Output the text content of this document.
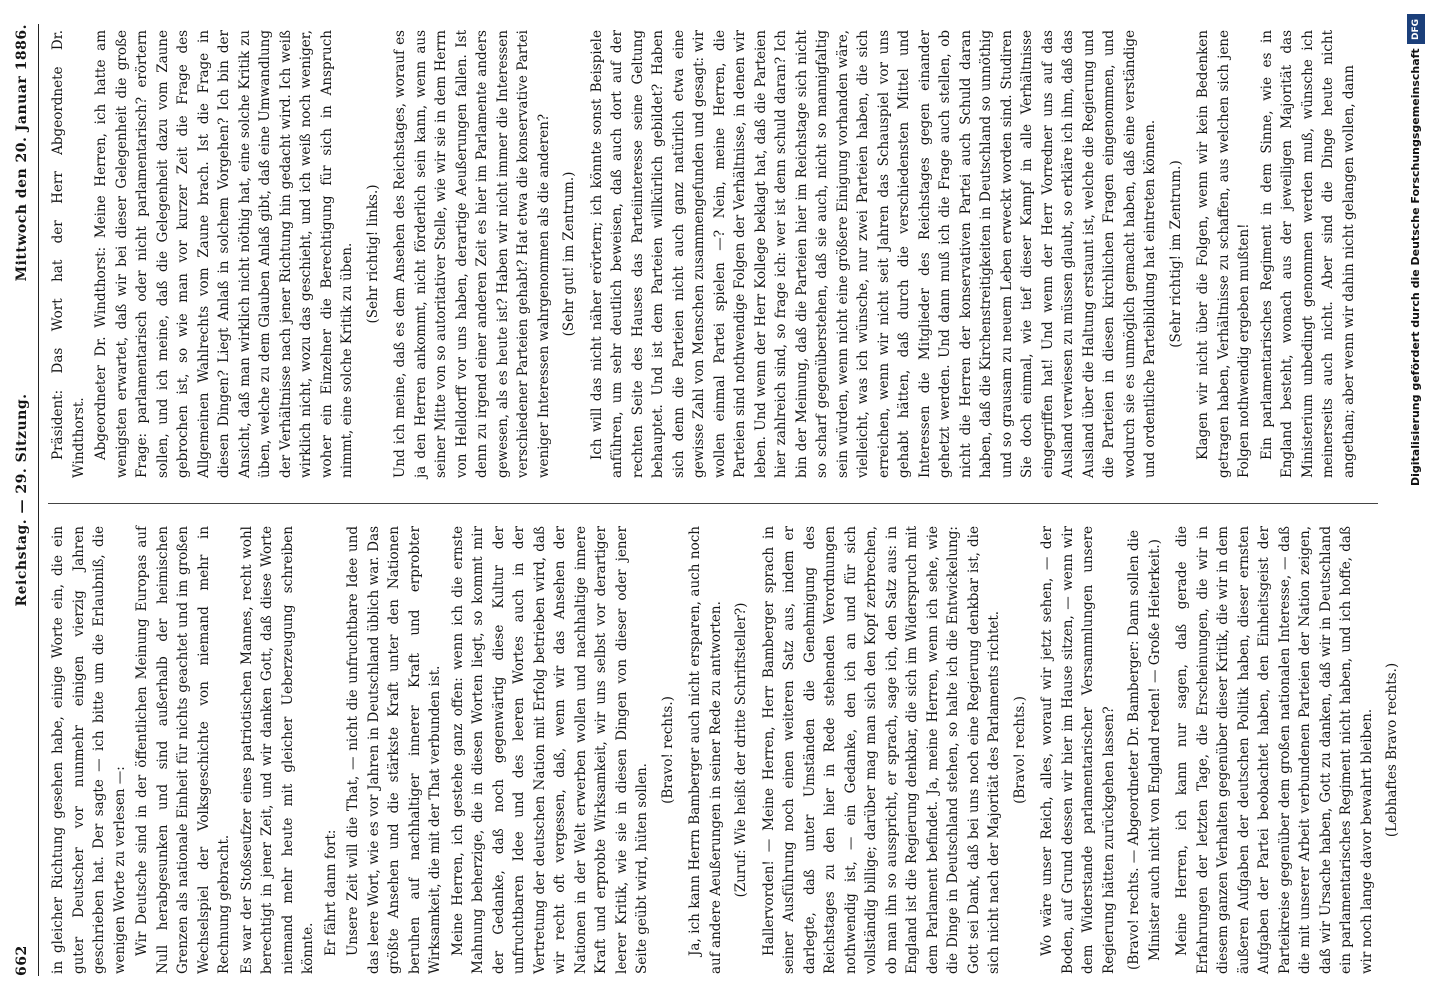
662
Reichstag. — 29. Sitzung.
Mittwoch den 20. Januar 1886.

in gleicher Richtung gesehen habe, einige Worte ein, die ein guter Deutscher vor nunmehr einigen vierzig Jahren geschrieben hat. Der sagte — ich bitte um die Erlaubniß, die wenigen Worte zu verlesen —: Wir Deutsche sind in der öffentlichen Meinung Europas auf Null herabgesunken und sind außerhalb der heimischen Grenzen als nationale Einheit für nichts geachtet und im großen Wechselspiel der Volksgeschichte von niemand mehr in Rechnung gebracht. Es war der Stoßseufzer eines patriotischen Mannes, recht wohl berechtigt in jener Zeit, und wir danken Gott, daß diese Worte niemand mehr heute mit gleicher Ueberzeugung schreiben könnte. Er fährt dann fort: Unsere Zeit will die That, — nicht die unfruchtbare Idee und das leere Wort, wie es vor Jahren in Deutschland üblich war. Das größte Ansehen und die stärkste Kraft unter den Nationen beruhen auf nachhaltiger innerer Kraft und erprobter Wirksamkeit, die mit der That verbunden ist. Meine Herren, ich gestehe ganz offen: wenn ich die ernste Mahnung beherzige, die in diesen Worten liegt, so kommt mir der Gedanke, daß noch gegenwärtig diese Kultur der unfruchtbaren Idee und des leeren Wortes auch in der Vertretung der deutschen Nation mit Erfolg betrieben wird, daß wir recht oft vergessen, daß, wenn wir das Ansehen der Nationen in der Welt erwerben wollen und nachhaltige innere Kraft und erprobte Wirksamkeit, wir uns selbst vor derartiger leerer Kritik, wie sie in diesen Dingen von dieser oder jener Seite geübt wird, hüten sollen.

(Bravo! rechts.) Ja, ich kann Herrn Bamberger auch nicht ersparen, auch noch auf andere Aeußerungen in seiner Rede zu antworten. (Zuruf: Wie heißt der dritte Schriftsteller?) Hallervorden! — Meine Herren, Herr Bamberger sprach in seiner Ausführung noch einen weiteren Satz aus, indem er darlegte, daß unter Umständen die Genehmigung des Reichstages zu den hier in Rede stehenden Verordnungen nothwendig ist, — ein Gedanke, den ich an und für sich vollständig billige; darüber mag man sich den Kopf zerbrechen, ob man ihn so ausspricht, er sprach, sage ich, den Satz aus: in England ist die Regierung denkbar, die sich im Widerspruch mit dem Parlament befindet. Ja, meine Herren, wenn ich sehe, wie die Dinge in Deutschland stehen, so halte ich die Entwickelung: Gott sei Dank, daß bei uns noch eine Regierung denkbar ist, die sich nicht nach der Majorität des Parlaments richtet. (Bravo! rechts.) Wo wäre unser Reich, alles, worauf wir jetzt sehen, — der Boden, auf Grund dessen wir hier im Hause sitzen, — wenn wir dem Widerstande parlamentarischer Versammlungen unsere Regierung hätten zurückgehen lassen? (Bravo! rechts. — Abgeordneter Dr. Bamberger: Dann sollen die Minister auch nicht von England reden! — Große Heiterkeit.) Meine Herren, ich kann nur sagen, daß gerade die Erfahrungen der letzten Tage, die Erscheinungen, die wir in diesem ganzen Verhalten gegenüber dieser Kritik, die wir in dem äußeren Aufgaben der deutschen Politik haben, dieser ernsten Aufgaben der Partei beobachtet haben, den Einheitsgeist der Parteikreise gegenüber dem großen nationalen Interesse, — daß die mit unserer Arbeit verbundenen Parteien der Nation zeigen, daß wir Ursache haben, Gott zu danken, daß wir in Deutschland ein parlamentarisches Regiment nicht haben, und ich hoffe, daß wir noch lange davor bewahrt bleiben. (Lebhaftes Bravo rechts.)

Präsident: Das Wort hat der Herr Abgeordnete Dr. Windthorst. Abgeordneter Dr. Windthorst: Meine Herren, ich hatte am wenigsten erwartet, daß wir bei dieser Gelegenheit die große Frage: parlamentarisch oder nicht parlamentarisch? erörtern sollen, und ich meine, daß die Gelegenheit dazu vom Zaune gebrochen ist, so wie man vor kurzer Zeit die Frage des Allgemeinen Wahlrechts vom Zaune brach. Ist die Frage in diesen Dingen? Liegt Anlaß in solchem Vorgehen? Ich bin der Ansicht, daß man wirklich nicht nöthig hat, eine solche Kritik zu üben, welche zu dem Glauben Anlaß gibt, daß eine Umwandlung der Verhältnisse nach jener Richtung hin gedacht wird. Ich weiß wirklich nicht, wozu das geschieht, und ich weiß noch weniger, woher ein Einzelner die Berechtigung für sich in Anspruch nimmt, eine solche Kritik zu üben. (Sehr richtig! links.) Und ich meine, daß es dem Ansehen des Reichstages, worauf es ja den Herren ankommt, nicht förderlich sein kann, wenn aus seiner Mitte von so autoritativer Stelle, wie wir sie in dem Herrn von Helldorff vor uns haben, derartige Aeußerungen fallen. Ist denn zu irgend einer anderen Zeit es hier im Parlamente anders gewesen, als es heute ist? Haben wir nicht immer die Interessen verschiedener Parteien gehabt? Hat etwa die konservative Partei weniger Interessen wahrgenommen als die anderen? (Sehr gut! im Zentrum.) Ich will das nicht näher erörtern; ich könnte sonst Beispiele anführen, um sehr deutlich beweisen, daß auch dort auf der rechten Seite des Hauses das Parteiinteresse seine Geltung behauptet. Und ist dem Parteien willkürlich gebildet? Haben sich denn die Parteien nicht auch ganz natürlich etwa eine gewisse Zahl von Menschen zusammengefunden und gesagt: wir wollen einmal Partei spielen —? Nein, meine Herren, die Parteien sind nothwendige Folgen der Verhältnisse, in denen wir leben. Und wenn der Herr Kollege beklagt hat, daß die Parteien hier zahlreich sind, so frage ich: wer ist denn schuld daran? Ich bin der Meinung, daß die Parteien hier im Reichstage sich nicht so scharf gegenüberstehen, daß sie auch, nicht so mannigfaltig sein würden, wenn nicht eine größere Einigung vorhanden wäre, vielleicht, was ich wünsche, nur zwei Parteien haben, die sich erreichen, wenn wir nicht seit Jahren das Schauspiel vor uns gehabt hätten, daß durch die verschiedensten Mittel und Interessen die Mitglieder des Reichstages gegen einander gehetzt werden. Und dann muß ich die Frage auch stellen, ob nicht die Herren der konservativen Partei auch Schuld daran haben, daß die Kirchenstreitigkeiten in Deutschland so unnöthig und so grausam zu neuem Leben erweckt worden sind. Studiren Sie doch einmal, wie tief dieser Kampf in alle Verhältnisse eingegriffen hat! Und wenn der Herr Vorredner uns auf das Ausland verwiesen zu müssen glaubt, so erkläre ich ihm, daß das Ausland über die Haltung erstaunt ist, welche die Regierung und die Parteien in diesen kirchlichen Fragen eingenommen, und wodurch sie es unmöglich gemacht haben, daß eine verständige und ordentliche Parteibildung hat eintreten können. (Sehr richtig! im Zentrum.) Klagen wir nicht über die Folgen, wenn wir kein Bedenken getragen haben, Verhältnisse zu schaffen, aus welchen sich jene Folgen nothwendig ergeben mußten! Ein parlamentarisches Regiment in dem Sinne, wie es in England besteht, wonach aus der jeweiligen Majorität das Ministerium unbedingt genommen werden muß, wünsche ich meinerseits auch nicht. Aber sind die Dinge heute nicht angethan; aber wenn wir dahin nicht gelangen wollen, dann

DFG
Digitalisierung gefördert durch die Deutsche Forschungsgemeinschaft
